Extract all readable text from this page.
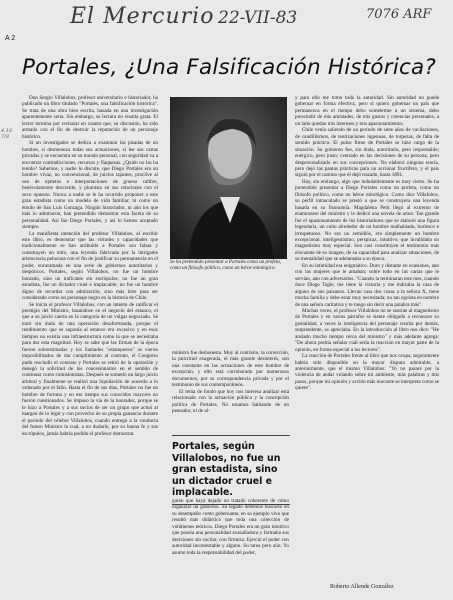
A 2
El Mercurio 22-VII-83	7076 ARF
4.16 7/8
Portales, ¿Una Falsificación Histórica?

Don Sergio Villalobos, profesor universitario e historiador, ha publicado un libro titulado "Portales, una falsificación histórica". Se trata de una obra bien escrita, basada en una investigación aparentemente seria. Sin embargo, su lectura no resulta grata. El lector termina por rechazar en cuanto que, su discusión, ha sido armado con el fin de destruir la reputación de un personaje histórico.

Si un investigador se dedica a examinar las pisadas de un hombre, si desmenuza todas sus actuaciones, si lee sus cartas privadas y se encuentra en su mundo personal, con seguridad va a encontrar contradicciones, recursos y flaquezas. ¿Quién no las ha tenido? Sabemos, y nadie lo discute, que Diego Portales era un hombre vivaz, no convencional, de juicios tajantes, proclive al uso de epítetos e interpretaciones de grueso calibre, benévolamente descreído, y plumista en sus relaciones con el sexo opuesto. Nunca a nadie se le ha ocurrido proponer a este gran estadista como un modelo de vida familiar, ni como un émulo de San Luis Gonzaga. Ningún historiador, ni aún los que más lo admiraron, han pretendido demostrar esta faceta de su personalidad. Así fue Diego Portales, y así lo hemos aceptado siempre.

La manifiesta intención del profesor Villalobos, al escribir este libro, es demostrar que las virtudes y capacidades que tradicionalmente se han atribuido a Portales son falsas y constituyen un mito, una leyenda fabricada por la intrigante aristocracia pelucona con el fin de justificar su permanencia en el poder, encaramada en una serie de gobiernos autoritarios y despóticos. Portales, según Villalobos, no fue un hombre honrado, sino un traficante sin escrúpulos; no fue un gran estadista, fue un dictador cruel e implacable; no fue un hombre digno de recordar con admiración, sino más bien para ser considerado como un personaje negro en la historia de Chile.

Se inicia el profesor Villalobos, con un intento de calificar el prestigio del Ministro, basándose en el negocio del estanco, el que a su juicio caería en la categoría de un vulgar negociado. Se trató sin duda de una operación desafortunada, porque el rendimiento que se suponía al estanco era excesivo y en esos tiempos no existía una infraestructura como la que se necesitaba para dar esta magnitud. Hoy se sabe que las firmas de la época fueron sobrestimadas y los llamados "estanqueros" se vieron imposibilitados de dar cumplimiento al contrato, el Congreso pudo rescindir el contrato y Portales se retiró de la operación y denegó la solicitud de los concesionarios en el sentido de continuar como comisionistas. Después se sometió un largo juicio arbitral y finalmente se realizó una liquidación de acuerdo a lo ordenado por el fallo. Hasta el fin de sus días, Portales no fue un hombre de fortuna y en ese tiempo sus conocidos mayores no fueron cuestionados. Se impuso la vía de la honradez, porque se le hizo a Portales y a sus socios de ser un grupo que actuó al margen de lo legal y con provecho de su propia ganancia durante el período del célebre Villalobos, cuando entregó a la conducta del futuro Ministro la cual, a no dudarlo, por su buena fe y sus escrúpulos, jamás habría podido el profesor demostrar.

Se ha pretendido presentar a Portales como un profeta, como un filósofo político, como un héroe mitológico.

ministro fue deshonesta. Muy al contrario, la corrección, la pulcritud exagerada, el más grande desinterés, son una constante en las actuaciones de este hombre de excepción, y ello está corroborado por numerosos documentos, por su correspondencia privada y por el testimonio de sus contemporáneos.

El tema de fondo que hoy nos interesa analizar está relacionado con la actuación pública y la concepción política de Portales. No estamos hablando de un pensador, ni de al-

Portales, según Villalobos, no fue un gran estadista, sino un dictador cruel e implacable.

guien que haya dejado un tratado coherente de cómo organizar un gobierno. Su legado debemos buscarlo en su desempeño como gobernante, en su ejemplo vivo que resultó más didáctico que toda una colección de volúmenes teóricos. Diego Portales era un gran intuitivo que poseía una personalidad avasalladora y formaba sus decisiones sin vacilar, con firmeza. Ejerció el poder con autoridad incontestable y alguno. Su tarea pero aún. Yo asumo toda la responsabilidad del poder,

y para ello me tomo toda la autoridad. Sin autoridad no puede gobernar en forma efectiva, pero si quiero gobernar un país que permanezca en el tiempo debo someterme a un sistema, debo prescindir de mis amistades, de mis gustos y creencias personales, a un lado quedan mis intereses y mis apasionamientos.

Chile venía saliendo de un período de siete años de vacilaciones, de caudillismos, de teorizaciones ingenuas, de torpezas, de falta de sentido práctico. El pulso firme de Portales se hizo cargo de la situación. Su gobierno fue, sin duda, autoritario, pero responsable; enérgico, pero justo; centrado en las decisiones de su persona, pero despersonalizado en sus concepciones. No elaboró ninguna teoría, pero dejó las pautas prácticas para un accionar fructífero, y el país siguió por el camino que él dejó trazado, hasta 1891.

Hay, sin embargo, algo que indudablemente es muy cierto. Se ha pretendido presentar a Diego Portales como un profeta, como un filósofo político, como un héroe mitológico. Como dice Villalobos, su perfil inmaculado se prestó a que se construyera una leyenda basada en su fisonomía. Magdalena Petit llegó al extremo de enamorarse del ministro y le dedicó una novela de amor. Tan grande fue el apasionamiento de los historiadores que se elaboró una figura legendaria, un culto alrededor de un hombre malhablado, burlesco e irrespetuoso. No era un semidiós, era simplemente un hombre excepcional, inteligentísimo, perspicaz, intuitivo, que invalidaba un magnetismo muy especial. Son casi constituyen el testimonio más elocuente de su imagen, de su capacidad para analizar situaciones, de su mentalidad que se adelantaba a su época.

En su intimidad era enigmático. Duro y distante en ocasiones, aun con las mujeres que le amaban; sobre todo en las cartas que le servían, aun con adversarios. "Cuando la terminaran este mes, cuando doce Diego Tagle, me tiene la victoria y me indicaba la casa de alguno de sus paisanos. Llevan casa dos cosas a la señora X, tiene mucha familia y debe estar muy necesitada; no tan egoísta en nombre de una señora caritativa y te ruego sin decir una palabra más".

Muchas veces, el profesor Villalobos no se sustrae al magnetismo de Portales y en varios párrafos se siente obligado a reconocer su genialidad, a veces la inteligencia del personaje resulta por demás, sorprendente, se apreciaba. En la introducción al libro nos dice: "He ansiado mucho tiempo cerca del ministro" y más adelante agrega: "De ahora podría señalar cuál sería la reacción en mayor parte de la opinión, en forma especial a los lectores".

La reacción de Portales frente al libro que nos ocupa, seguramente habría sido disponible en la mayor disputa admirable, a anteriormente, que el mismo Villalobos: "Yo no pasaré por la violencia de andar volando sobre mi ambiente, más palabras y mis pasos, porque mi opinión y acción más inocente se interpreta como se quiere".

Roberto Allende González
